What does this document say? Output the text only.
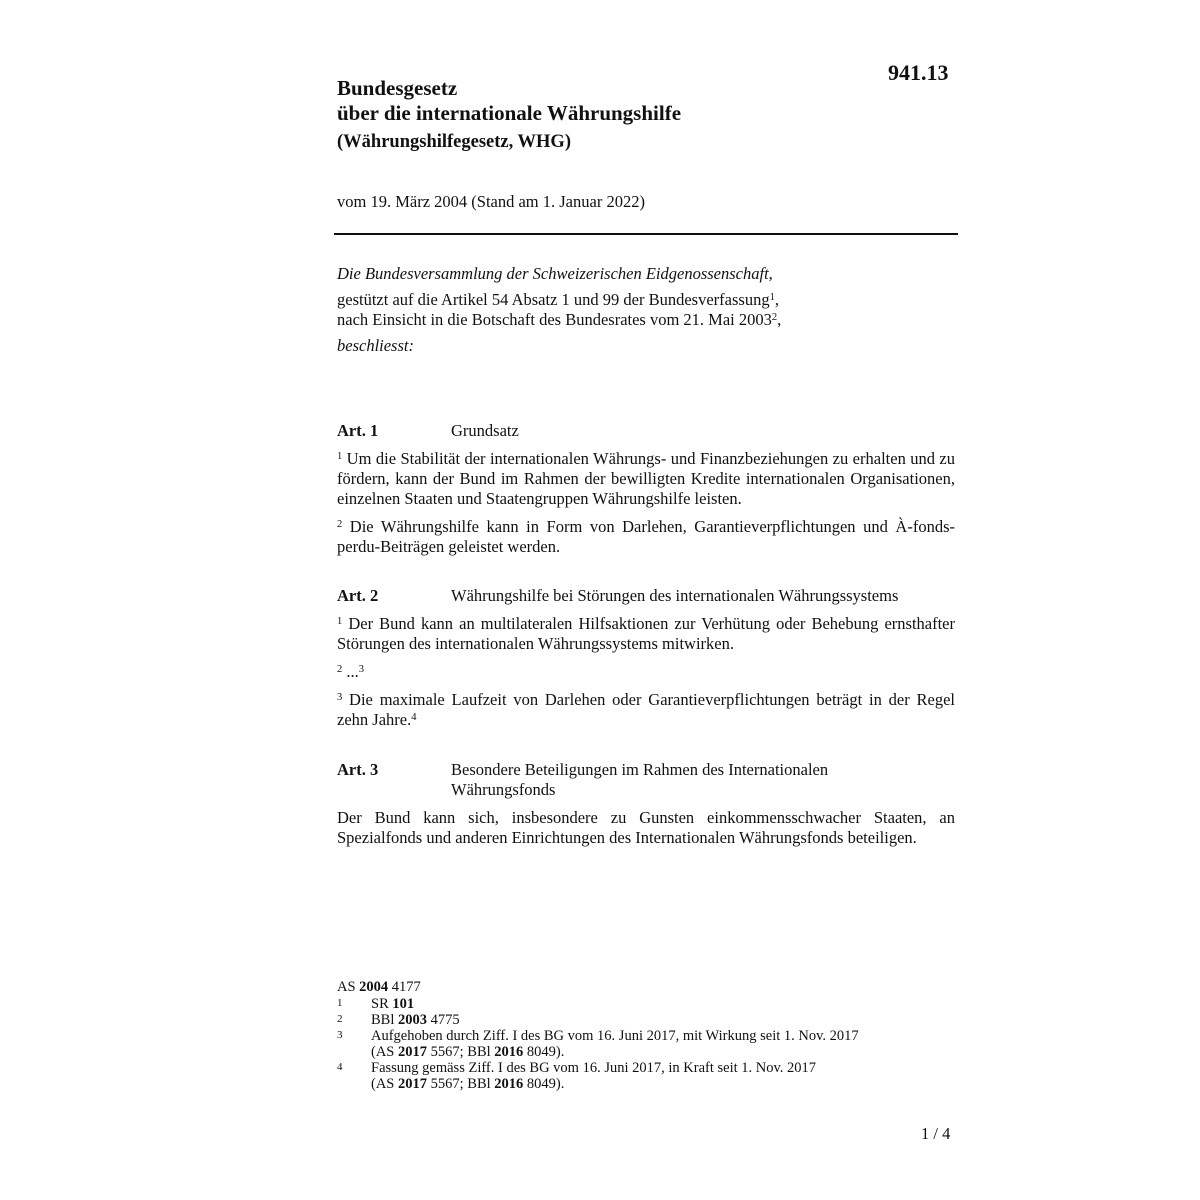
941.13
Bundesgesetz
über die internationale Währungshilfe
(Währungshilfegesetz, WHG)
vom 19. März 2004 (Stand am 1. Januar 2022)
Die Bundesversammlung der Schweizerischen Eidgenossenschaft,
gestützt auf die Artikel 54 Absatz 1 und 99 der Bundesverfassung$^1$,
nach Einsicht in die Botschaft des Bundesrates vom 21. Mai 2003$^2$,
beschliesst:
Art. 1	Grundsatz
$^1$ Um die Stabilität der internationalen Währungs- und Finanzbeziehungen zu erhalten und zu fördern, kann der Bund im Rahmen der bewilligten Kredite internationalen Organisationen, einzelnen Staaten und Staatengruppen Währungshilfe leisten.
$^2$ Die Währungshilfe kann in Form von Darlehen, Garantieverpflichtungen und À-fonds-perdu-Beiträgen geleistet werden.
Art. 2	Währungshilfe bei Störungen des internationalen Währungssystems
$^1$ Der Bund kann an multilateralen Hilfsaktionen zur Verhütung oder Behebung ernsthafter Störungen des internationalen Währungssystems mitwirken.
$^2$ ...$^3$
$^3$ Die maximale Laufzeit von Darlehen oder Garantieverpflichtungen beträgt in der Regel zehn Jahre.$^4$
Art. 3	Besondere Beteiligungen im Rahmen des Internationalen Währungsfonds
Der Bund kann sich, insbesondere zu Gunsten einkommensschwacher Staaten, an Spezialfonds und anderen Einrichtungen des Internationalen Währungsfonds beteiligen.
AS 2004 4177
1	SR 101
2	BBl 2003 4775
3	Aufgehoben durch Ziff. I des BG vom 16. Juni 2017, mit Wirkung seit 1. Nov. 2017
(AS 2017 5567; BBl 2016 8049).
4	Fassung gemäss Ziff. I des BG vom 16. Juni 2017, in Kraft seit 1. Nov. 2017
(AS 2017 5567; BBl 2016 8049).
1 / 4
